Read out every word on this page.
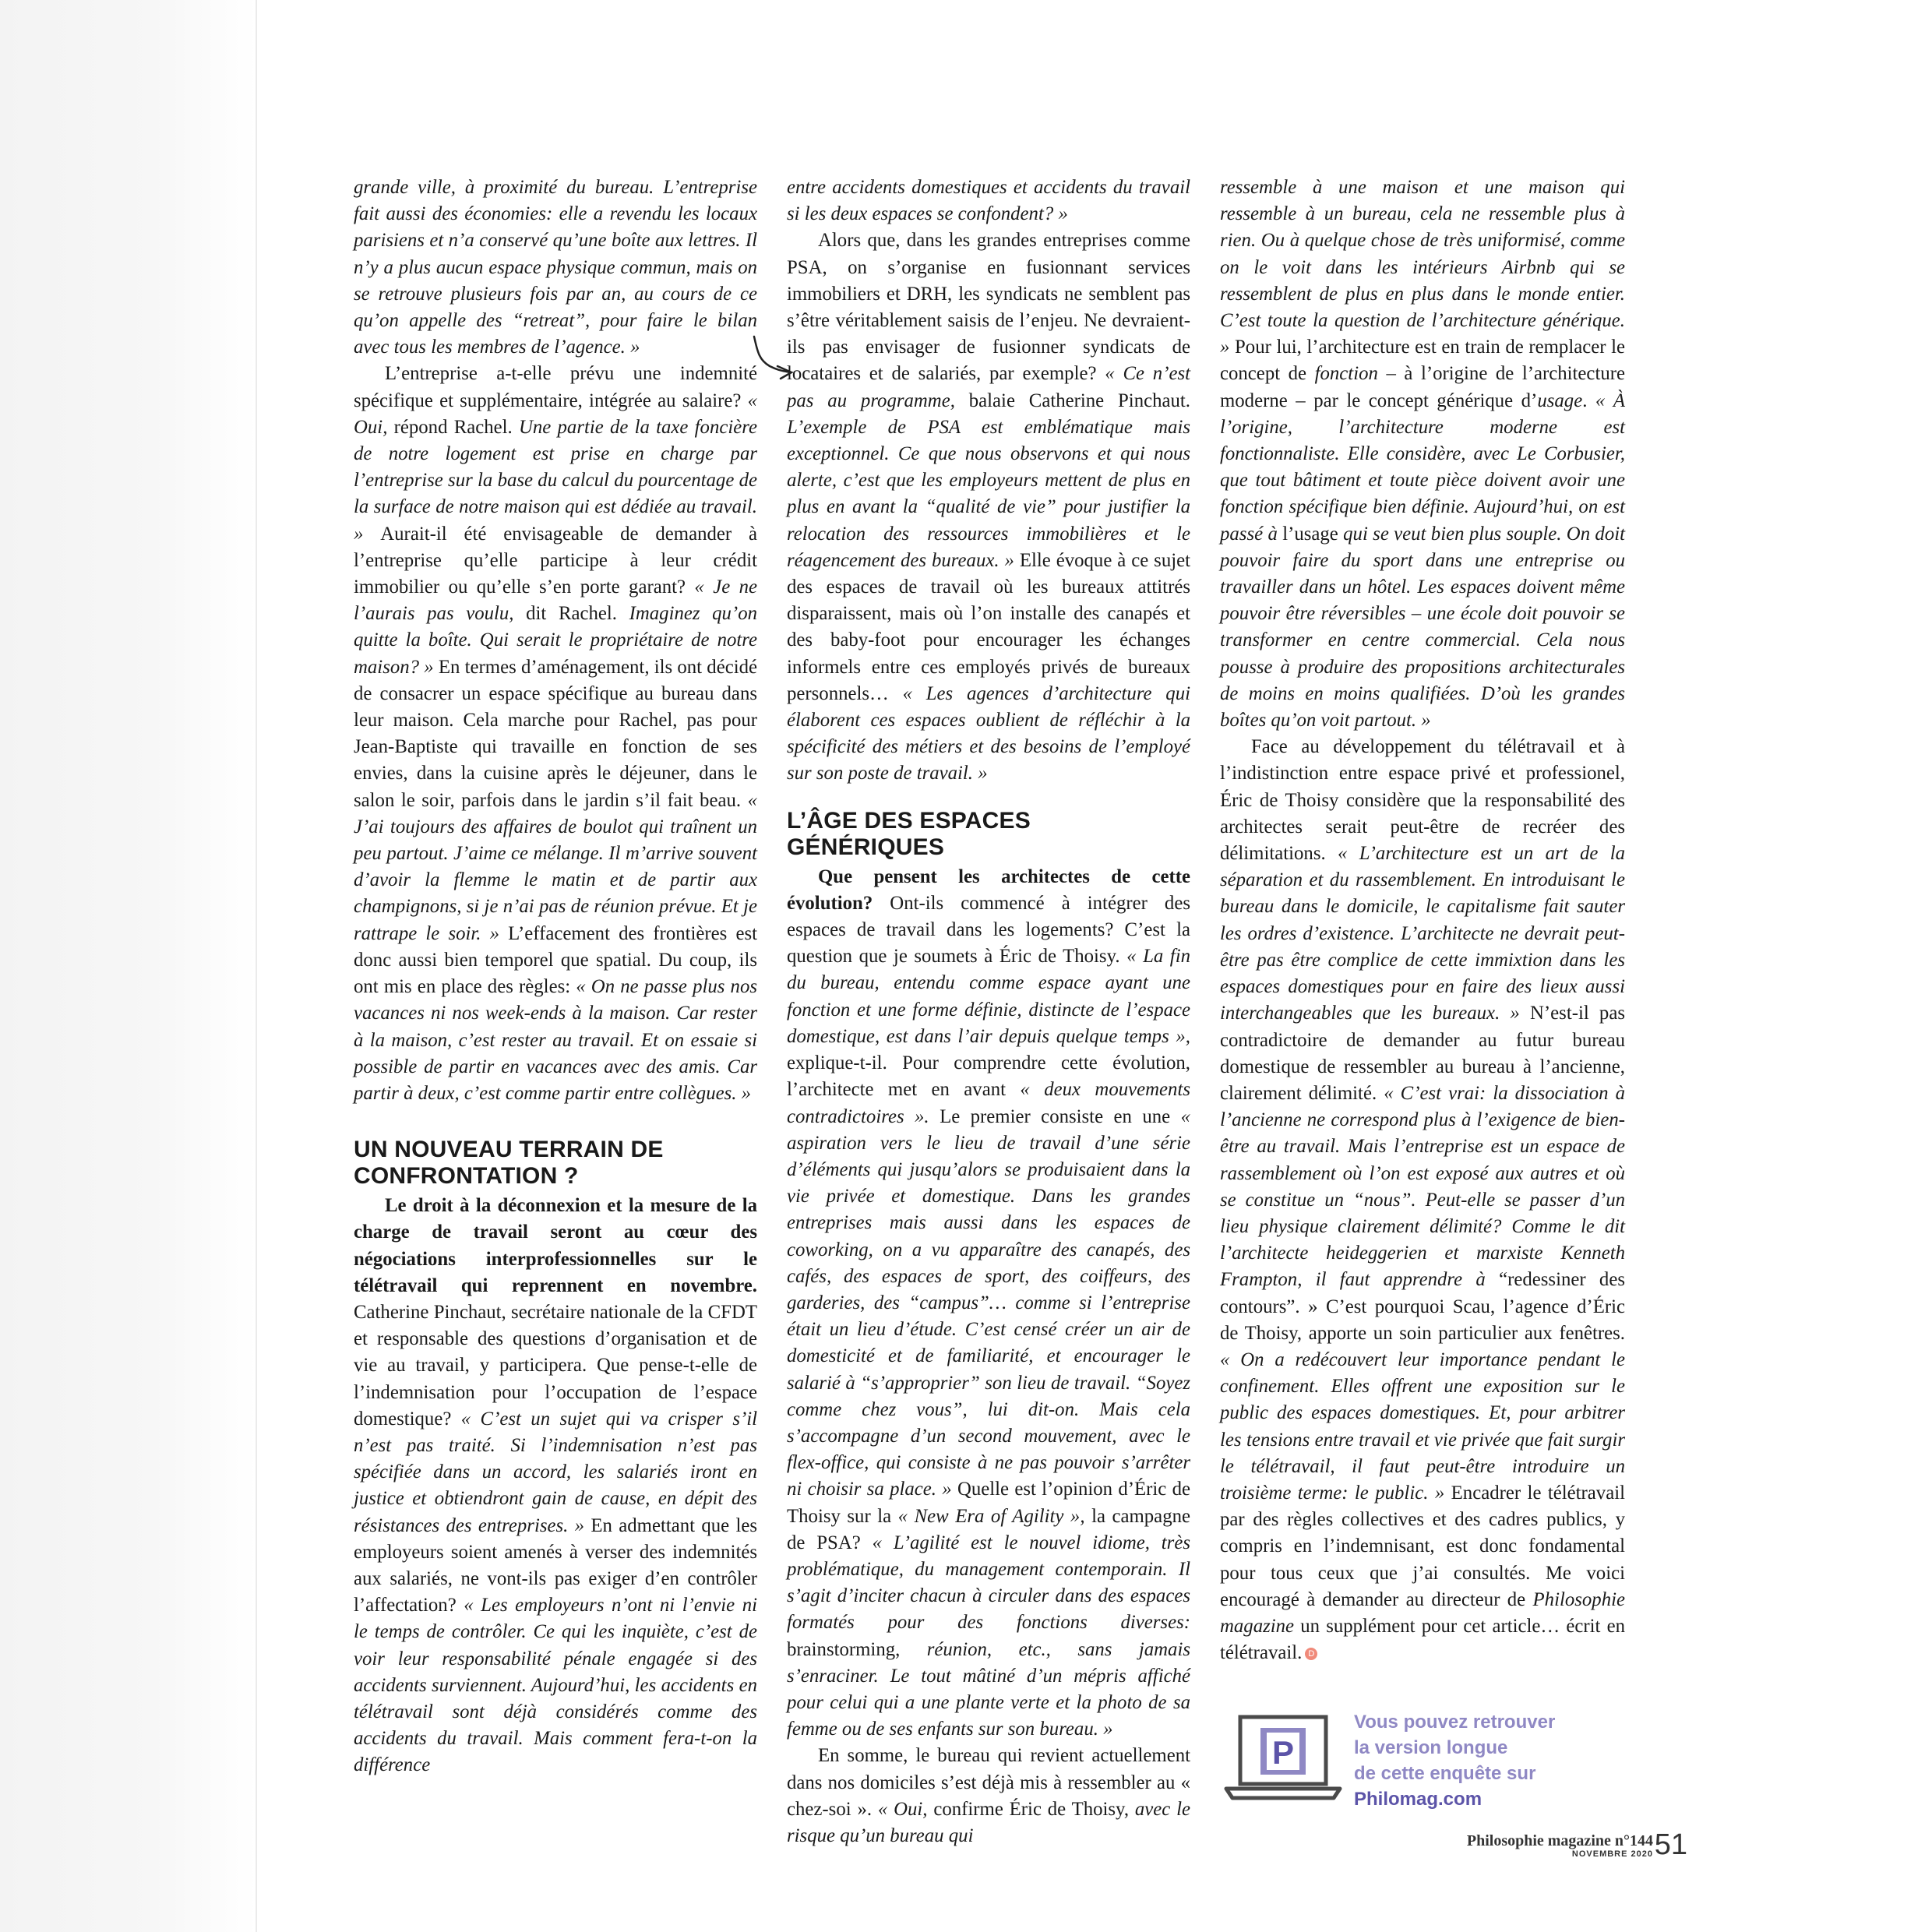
grande ville, à proximité du bureau. L’entreprise fait aussi des économies: elle a revendu les locaux parisiens et n’a conservé qu’une boîte aux lettres. Il n’y a plus aucun espace physique commun, mais on se retrouve plusieurs fois par an, au cours de ce qu’on appelle des “retreat”, pour faire le bilan avec tous les membres de l’agence. »

L’entreprise a-t-elle prévu une indemnité spécifique et supplémentaire, intégrée au salaire? « Oui, répond Rachel. Une partie de la taxe foncière de notre logement est prise en charge par l’entreprise sur la base du calcul du pourcentage de la surface de notre maison qui est dédiée au travail. » Aurait-il été envisageable de demander à l’entreprise qu’elle participe à leur crédit immobilier ou qu’elle s’en porte garant? « Je ne l’aurais pas voulu, dit Rachel. Imaginez qu’on quitte la boîte. Qui serait le propriétaire de notre maison? » En termes d’aménagement, ils ont décidé de consacrer un espace spécifique au bureau dans leur maison. Cela marche pour Rachel, pas pour Jean-Baptiste qui travaille en fonction de ses envies, dans la cuisine après le déjeuner, dans le salon le soir, parfois dans le jardin s’il fait beau. « J’ai toujours des affaires de boulot qui traînent un peu partout. J’aime ce mélange. Il m’arrive souvent d’avoir la flemme le matin et de partir aux champignons, si je n’ai pas de réunion prévue. Et je rattrape le soir. » L’effacement des frontières est donc aussi bien temporel que spatial. Du coup, ils ont mis en place des règles: « On ne passe plus nos vacances ni nos week-ends à la maison. Car rester à la maison, c’est rester au travail. Et on essaie si possible de partir en vacances avec des amis. Car partir à deux, c’est comme partir entre collègues. »

UN NOUVEAU TERRAIN DE CONFRONTATION ?

Le droit à la déconnexion et la mesure de la charge de travail seront au cœur des négociations interprofessionnelles sur le télétravail qui reprennent en novembre. Catherine Pinchaut, secrétaire nationale de la CFDT et responsable des questions d’organisation et de vie au travail, y participera. Que pense-t-elle de l’indemnisation pour l’occupation de l’espace domestique? « C’est un sujet qui va crisper s’il n’est pas traité. Si l’indemnisation n’est pas spécifiée dans un accord, les salariés iront en justice et obtiendront gain de cause, en dépit des résistances des entreprises. » En admettant que les employeurs soient amenés à verser des indemnités aux salariés, ne vont-ils pas exiger d’en contrôler l’affectation? « Les employeurs n’ont ni l’envie ni le temps de contrôler. Ce qui les inquiète, c’est de voir leur responsabilité pénale engagée si des accidents surviennent. Aujourd’hui, les accidents en télétravail sont déjà considérés comme des accidents du travail. Mais comment fera-t-on la différence

entre accidents domestiques et accidents du travail si les deux espaces se confondent? »

Alors que, dans les grandes entreprises comme PSA, on s’organise en fusionnant services immobiliers et DRH, les syndicats ne semblent pas s’être véritablement saisis de l’enjeu. Ne devraient-ils pas envisager de fusionner syndicats de locataires et de salariés, par exemple? « Ce n’est pas au programme, balaie Catherine Pinchaut. L’exemple de PSA est emblématique mais exceptionnel. Ce que nous observons et qui nous alerte, c’est que les employeurs mettent de plus en plus en avant la “qualité de vie” pour justifier la relocation des ressources immobilières et le réagencement des bureaux. » Elle évoque à ce sujet des espaces de travail où les bureaux attitrés disparaissent, mais où l’on installe des canapés et des baby-foot pour encourager les échanges informels entre ces employés privés de bureaux personnels… « Les agences d’architecture qui élaborent ces espaces oublient de réfléchir à la spécificité des métiers et des besoins de l’employé sur son poste de travail. »

L’ÂGE DES ESPACES GÉNÉRIQUES

Que pensent les architectes de cette évolution? Ont-ils commencé à intégrer des espaces de travail dans les logements? C’est la question que je soumets à Éric de Thoisy. « La fin du bureau, entendu comme espace ayant une fonction et une forme définie, distincte de l’espace domestique, est dans l’air depuis quelque temps », explique-t-il. Pour comprendre cette évolution, l’architecte met en avant « deux mouvements contradictoires ». Le premier consiste en une « aspiration vers le lieu de travail d’une série d’éléments qui jusqu’alors se produisaient dans la vie privée et domestique. Dans les grandes entreprises mais aussi dans les espaces de coworking, on a vu apparaître des canapés, des cafés, des espaces de sport, des coiffeurs, des garderies, des “campus”… comme si l’entreprise était un lieu d’étude. C’est censé créer un air de domesticité et de familiarité, et encourager le salarié à “s’approprier” son lieu de travail. “Soyez comme chez vous”, lui dit-on. Mais cela s’accompagne d’un second mouvement, avec le flex-office, qui consiste à ne pas pouvoir s’arrêter ni choisir sa place. » Quelle est l’opinion d’Éric de Thoisy sur la « New Era of Agility », la campagne de PSA? « L’agilité est le nouvel idiome, très problématique, du management contemporain. Il s’agit d’inciter chacun à circuler dans des espaces formatés pour des fonctions diverses: brainstorming, réunion, etc., sans jamais s’enraciner. Le tout mâtiné d’un mépris affiché pour celui qui a une plante verte et la photo de sa femme ou de ses enfants sur son bureau. »

En somme, le bureau qui revient actuellement dans nos domiciles s’est déjà mis à ressembler au « chez-soi ». « Oui, confirme Éric de Thoisy, avec le risque qu’un bureau qui

ressemble à une maison et une maison qui ressemble à un bureau, cela ne ressemble plus à rien. Ou à quelque chose de très uniformisé, comme on le voit dans les intérieurs Airbnb qui se ressemblent de plus en plus dans le monde entier. C’est toute la question de l’architecture générique. » Pour lui, l’architecture est en train de remplacer le concept de fonction – à l’origine de l’architecture moderne – par le concept générique d’usage. « À l’origine, l’architecture moderne est fonctionnaliste. Elle considère, avec Le Corbusier, que tout bâtiment et toute pièce doivent avoir une fonction spécifique bien définie. Aujourd’hui, on est passé à l’usage qui se veut bien plus souple. On doit pouvoir faire du sport dans une entreprise ou travailler dans un hôtel. Les espaces doivent même pouvoir être réversibles – une école doit pouvoir se transformer en centre commercial. Cela nous pousse à produire des propositions architecturales de moins en moins qualifiées. D’où les grandes boîtes qu’on voit partout. »

Face au développement du télétravail et à l’indistinction entre espace privé et professionel, Éric de Thoisy considère que la responsabilité des architectes serait peut-être de recréer des délimitations. « L’architecture est un art de la séparation et du rassemblement. En introduisant le bureau dans le domicile, le capitalisme fait sauter les ordres d’existence. L’architecte ne devrait peut-être pas être complice de cette immixtion dans les espaces domestiques pour en faire des lieux aussi interchangeables que les bureaux. » N’est-il pas contradictoire de demander au futur bureau domestique de ressembler au bureau à l’ancienne, clairement délimité. « C’est vrai: la dissociation à l’ancienne ne correspond plus à l’exigence de bien-être au travail. Mais l’entreprise est un espace de rassemblement où l’on est exposé aux autres et où se constitue un “nous”. Peut-elle se passer d’un lieu physique clairement délimité? Comme le dit l’architecte heideggerien et marxiste Kenneth Frampton, il faut apprendre à “redessiner des contours”. » C’est pourquoi Scau, l’agence d’Éric de Thoisy, apporte un soin particulier aux fenêtres. « On a redécouvert leur importance pendant le confinement. Elles offrent une exposition sur le public des espaces domestiques. Et, pour arbitrer les tensions entre travail et vie privée que fait surgir le télétravail, il faut peut-être introduire un troisième terme: le public. » Encadrer le télétravail par des règles collectives et des cadres publics, y compris en l’indemnisant, est donc fondamental pour tous ceux que j’ai consultés. Me voici encouragé à demander au directeur de Philosophie magazine un supplément pour cet article… écrit en télétravail. D

P
Vous pouvez retrouver
la version longue
de cette enquête sur
Philomag.com
Philosophie magazine n°144
NOVEMBRE 2020 51
